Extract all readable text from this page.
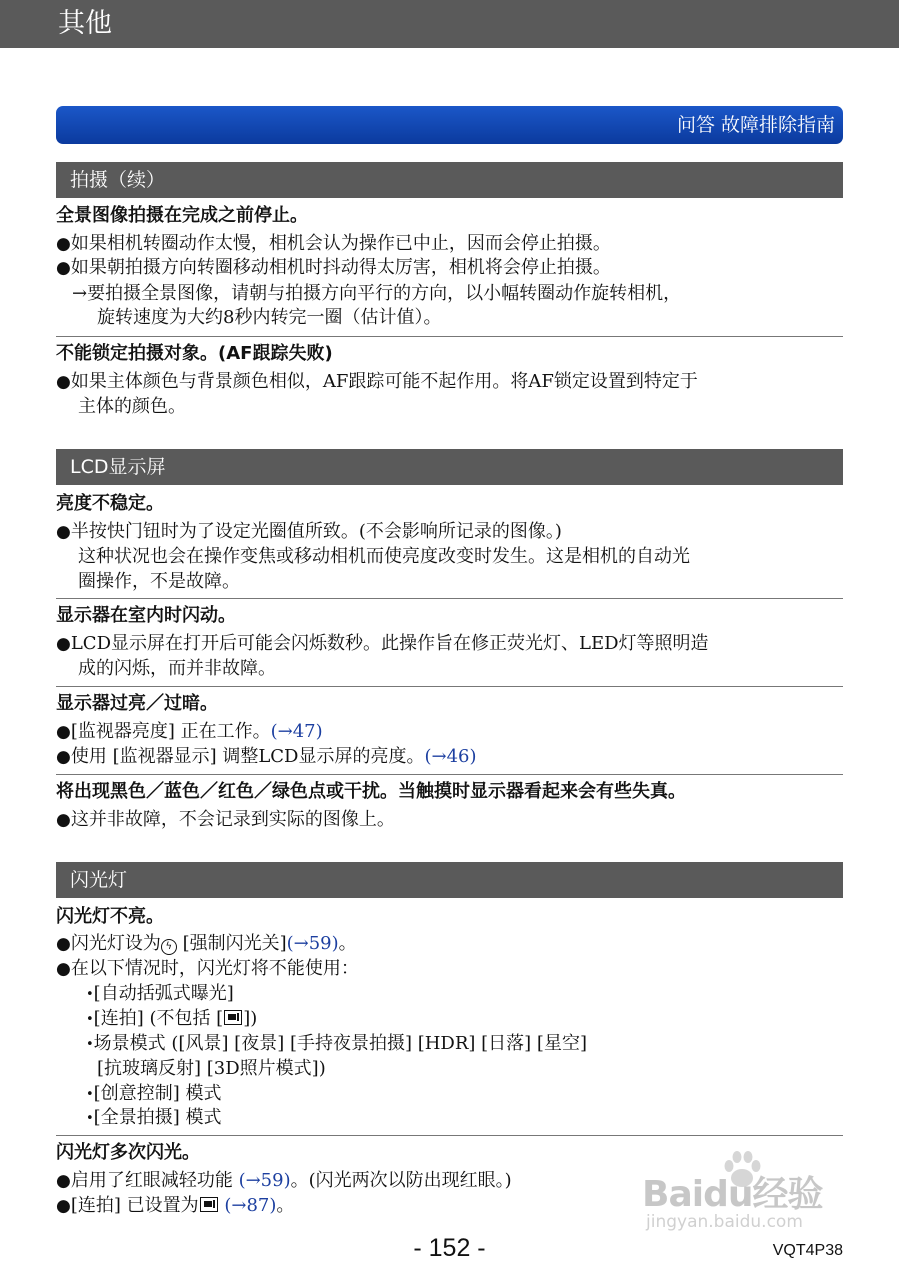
其他
问答 故障排除指南
拍摄（续）
全景图像拍摄在完成之前停止。
●如果相机转圈动作太慢，相机会认为操作已中止，因而会停止拍摄。
●如果朝拍摄方向转圈移动相机时抖动得太厉害，相机将会停止拍摄。
→要拍摄全景图像，请朝与拍摄方向平行的方向，以小幅转圈动作旋转相机，
旋转速度为大约8秒内转完一圈（估计值）。
不能锁定拍摄对象。(AF跟踪失败)
●如果主体颜色与背景颜色相似，AF跟踪可能不起作用。将AF锁定设置到特定于
主体的颜色。
LCD显示屏
亮度不稳定。
●半按快门钮时为了设定光圈值所致。(不会影响所记录的图像。)
这种状况也会在操作变焦或移动相机而使亮度改变时发生。这是相机的自动光
圈操作，不是故障。
显示器在室内时闪动。
●LCD显示屏在打开后可能会闪烁数秒。此操作旨在修正荧光灯、LED灯等照明造
成的闪烁，而并非故障。
显示器过亮／过暗。
●[监视器亮度] 正在工作。(→47)
●使用 [监视器显示] 调整LCD显示屏的亮度。(→46)
将出现黑色／蓝色／红色／绿色点或干扰。当触摸时显示器看起来会有些失真。
●这并非故障，不会记录到实际的图像上。
闪光灯
闪光灯不亮。
●闪光灯设为 ϟ [强制闪光关](→59)。
●在以下情况时，闪光灯将不能使用：
•[自动括弧式曝光]
•[连拍] (不包括 [ ])
•场景模式 ([风景] [夜景] [手持夜景拍摄] [HDR] [日落] [星空]
[抗玻璃反射] [3D照片模式])
•[创意控制] 模式
•[全景拍摄] 模式
闪光灯多次闪光。
●启用了红眼减轻功能 (→59)。(闪光两次以防出现红眼。)
●[连拍] 已设置为 (→87)。	Baidu经验
jingyan.baidu.com
- 152 -	VQT4P38
